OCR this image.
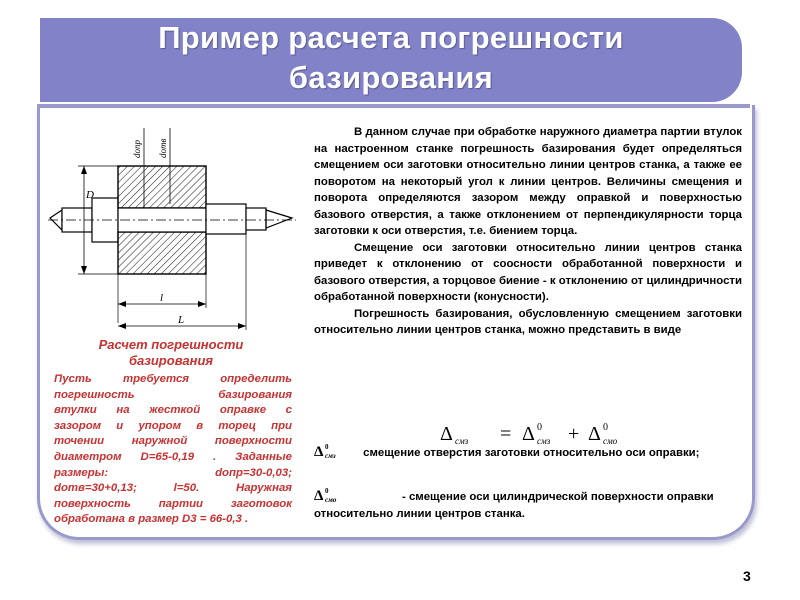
Пример расчета погрешности
базирования
D
dопр dотв
l
L
Расчет погрешности
базирования

Пусть требуется определить

погрешность базирования

втулки на жесткой оправке с

зазором и упором в торец при

точении наружной поверхности

диаметром D=65-0,19 . Заданные

размеры: dопр=30-0,03;

dотв=30+0,13; l=50. Наружная

поверхность партии заготовок

обработана в размер D3 = 66-0,3 .

В данном случае при обработке наружного диаметра партии втулок на настроенном станке погрешность базирования будет определяться смещением оси заготовки относительно линии центров станка, а также ее поворотом на некоторый угол к линии центров. Величины смещения и поворота определяются зазором между оправкой и поверхностью базового отверстия, а также отклонением от перпендикулярности торца заготовки к оси отверстия, т.е. биением торца.

Смещение оси заготовки относительно линии центров станка приведет к отклонению от соосности обработанной поверхности и базового отверстия, а торцовое биение - к отклонению от цилиндричности обработанной поверхности (конусности).

Погрешность базирования, обусловленную смещением заготовки относительно линии центров станка, можно представить в виде

Δ смз = Δ 0
смз + Δ 0
смо
Δ 0
смз смещение отверстия заготовки относительно оси оправки;
Δ 0
смо	- смещение оси цилиндрической поверхности оправки относительно линии центров станка.
3
